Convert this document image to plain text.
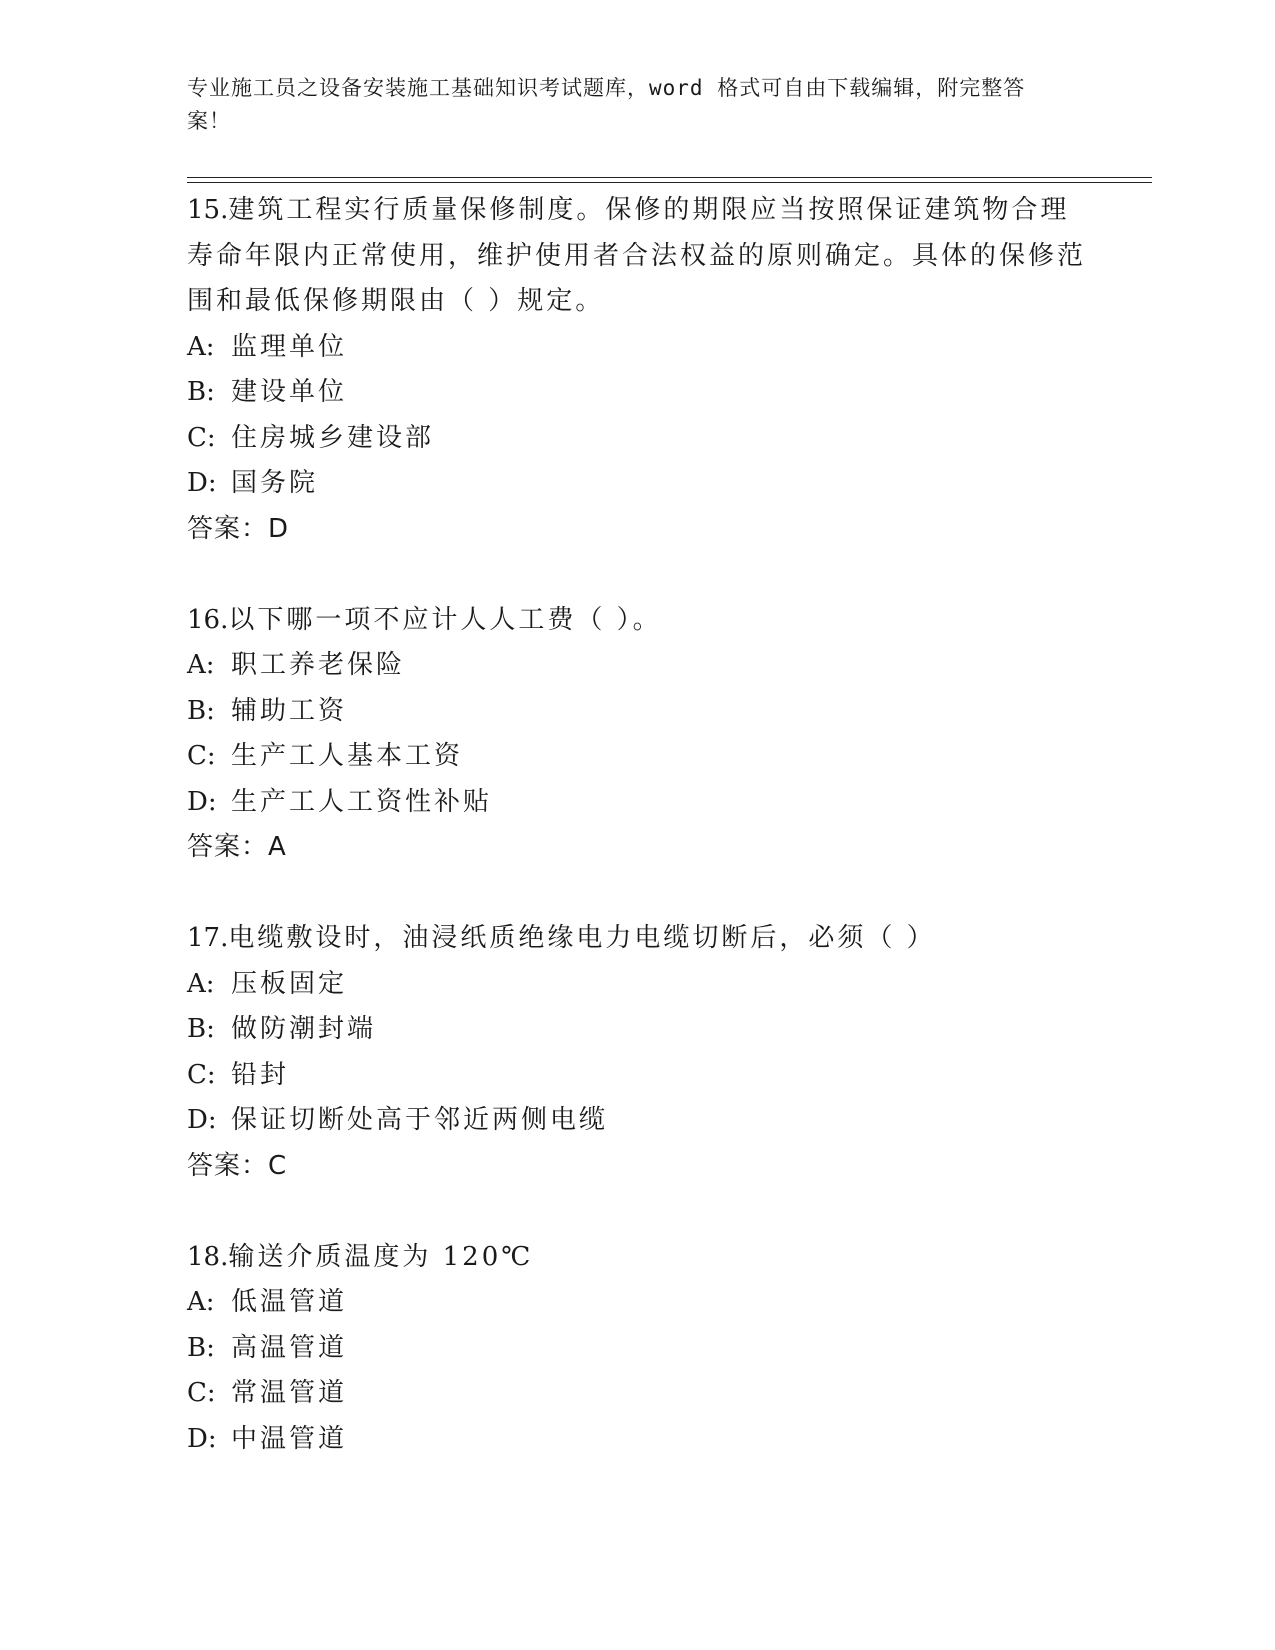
专业施工员之设备安装施工基础知识考试题库，word 格式可自由下载编辑，附完整答案！
15.建筑工程实行质量保修制度。保修的期限应当按照保证建筑物合理寿命年限内正常使用，维护使用者合法权益的原则确定。具体的保修范围和最低保修期限由（ ）规定。
A: 监理单位
B: 建设单位
C: 住房城乡建设部
D: 国务院
答案：D
16.以下哪一项不应计人人工费（ ）。
A: 职工养老保险
B: 辅助工资
C: 生产工人基本工资
D: 生产工人工资性补贴
答案：A
17.电缆敷设时，油浸纸质绝缘电力电缆切断后，必须（ ）
A: 压板固定
B: 做防潮封端
C: 铅封
D: 保证切断处高于邻近两侧电缆
答案：C
18.输送介质温度为 120℃
A: 低温管道
B: 高温管道
C: 常温管道
D: 中温管道
